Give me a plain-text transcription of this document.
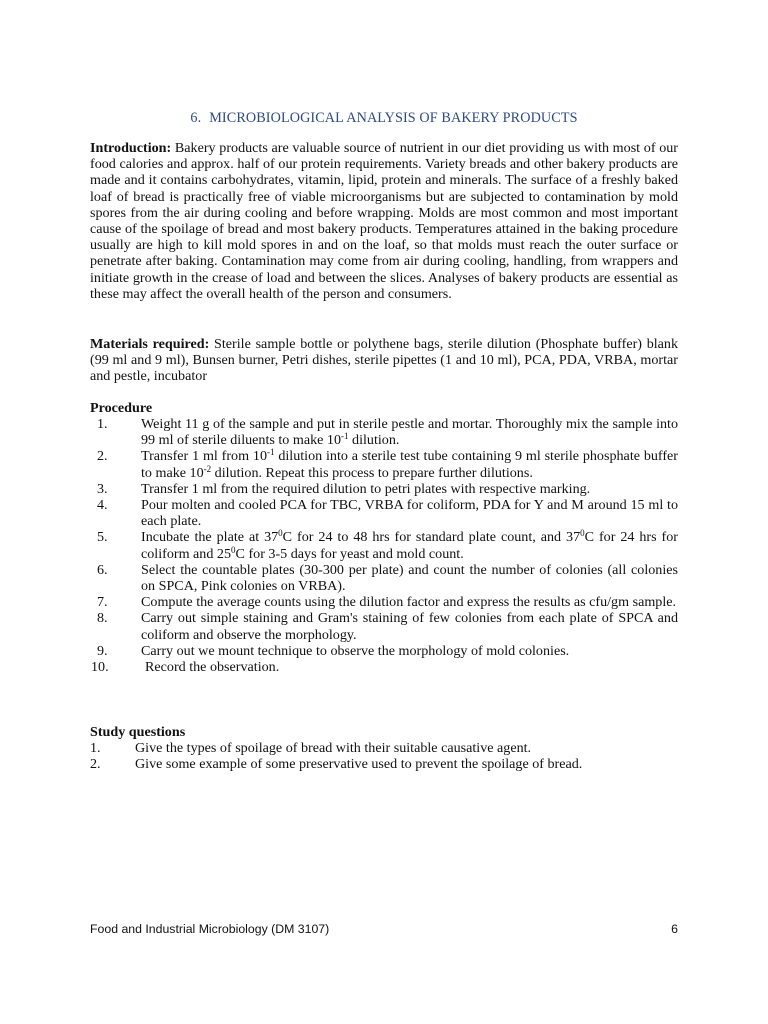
6. MICROBIOLOGICAL ANALYSIS OF BAKERY PRODUCTS

Introduction: Bakery products are valuable source of nutrient in our diet providing us with most of our food calories and approx. half of our protein requirements. Variety breads and other bakery products are made and it contains carbohydrates, vitamin, lipid, protein and minerals. The surface of a freshly baked loaf of bread is practically free of viable microorganisms but are subjected to contamination by mold spores from the air during cooling and before wrapping. Molds are most common and most important cause of the spoilage of bread and most bakery products. Temperatures attained in the baking procedure usually are high to kill mold spores in and on the loaf, so that molds must reach the outer surface or penetrate after baking. Contamination may come from air during cooling, handling, from wrappers and initiate growth in the crease of load and between the slices. Analyses of bakery products are essential as these may affect the overall health of the person and consumers.

Materials required: Sterile sample bottle or polythene bags, sterile dilution (Phosphate buffer) blank (99 ml and 9 ml), Bunsen burner, Petri dishes, sterile pipettes (1 and 10 ml), PCA, PDA, VRBA, mortar and pestle, incubator

Procedure
1. Weight 11 g of the sample and put in sterile pestle and mortar. Thoroughly mix the sample into 99 ml of sterile diluents to make $10^{-1}$ dilution.
2. Transfer 1 ml from $10^{-1}$ dilution into a sterile test tube containing 9 ml sterile phosphate buffer to make $10^{-2}$ dilution. Repeat this process to prepare further dilutions.
3. Transfer 1 ml from the required dilution to petri plates with respective marking.
4. Pour molten and cooled PCA for TBC, VRBA for coliform, PDA for Y and M around 15 ml to each plate.
5. Incubate the plate at $37^0C$ for 24 to 48 hrs for standard plate count, and $37^0C$ for 24 hrs for coliform and $25^0C$ for 3-5 days for yeast and mold count.
6. Select the countable plates (30-300 per plate) and count the number of colonies (all colonies on SPCA, Pink colonies on VRBA).
7. Compute the average counts using the dilution factor and express the results as cfu/gm sample.
8. Carry out simple staining and Gram's staining of few colonies from each plate of SPCA and coliform and observe the morphology.
9. Carry out we mount technique to observe the morphology of mold colonies.
10.	Record the observation.
Study questions
1. Give the types of spoilage of bread with their suitable causative agent.
2. Give some example of some preservative used to prevent the spoilage of bread.
Food and Industrial Microbiology (DM 3107)	6
